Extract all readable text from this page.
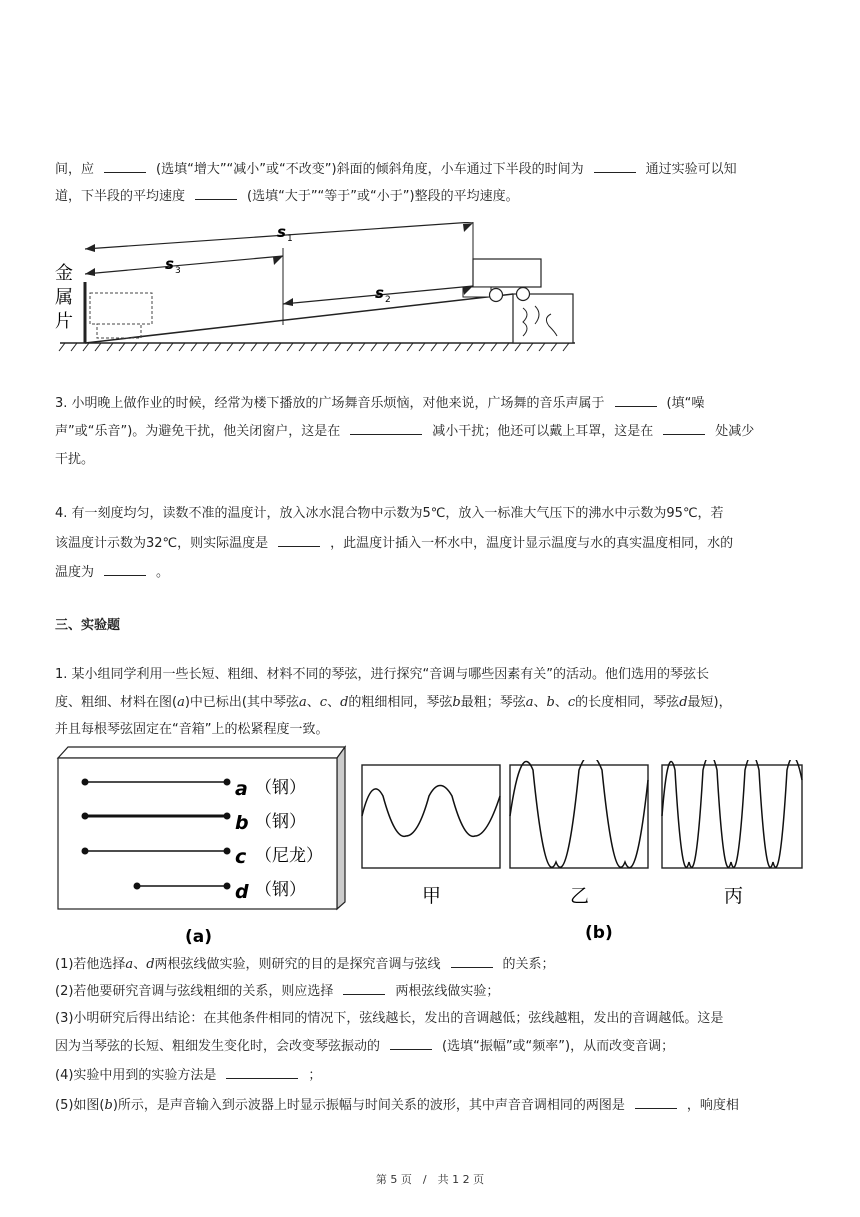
间，应	(选填“增大”“减小”或“不改变”)斜面的倾斜角度，小车通过下半段的时间为	通过实验可以知

道，下半段的平均速度	(选填“大于”“等于”或“小于”)整段的平均速度。

金
属
片
s 1
s 3
s 2

3. 小明晚上做作业的时候，经常为楼下播放的广场舞音乐烦恼，对他来说，广场舞的音乐声属于	(填“噪

声”或“乐音”)。为避免干扰，他关闭窗户，这是在	减小干扰；他还可以戴上耳罩，这是在	处减少

干扰。

4. 有一刻度均匀，读数不准的温度计，放入冰水混合物中示数为5℃，放入一标准大气压下的沸水中示数为95℃，若

该温度计示数为32℃，则实际温度是	，此温度计插入一杯水中，温度计显示温度与水的真实温度相同，水的

温度为	。

三、实验题

1. 某小组同学利用一些长短、粗细、材料不同的琴弦，进行探究“音调与哪些因素有关”的活动。他们选用的琴弦长

度、粗细、材料在图(a)中已标出(其中琴弦a、c、d的粗细相同，琴弦b最粗；琴弦a、b、c的长度相同，琴弦d最短)，

并且每根琴弦固定在“音箱”上的松紧程度一致。

a （钢）
b （钢）
c （尼龙）
d （钢）
(a)
甲	乙	丙
(b)

(1)若他选择a、d两根弦线做实验，则研究的目的是探究音调与弦线	的关系；

(2)若他要研究音调与弦线粗细的关系，则应选择	两根弦线做实验；

(3)小明研究后得出结论：在其他条件相同的情况下，弦线越长，发出的音调越低；弦线越粗，发出的音调越低。这是

因为当琴弦的长短、粗细发生变化时，会改变琴弦振动的	(选填“振幅”或“频率”)，从而改变音调；

(4)实验中用到的实验方法是	；

(5)如图(b)所示，是声音输入到示波器上时显示振幅与时间关系的波形，其中声音音调相同的两图是	，响度相

第 5 页　/　共 1 2 页
